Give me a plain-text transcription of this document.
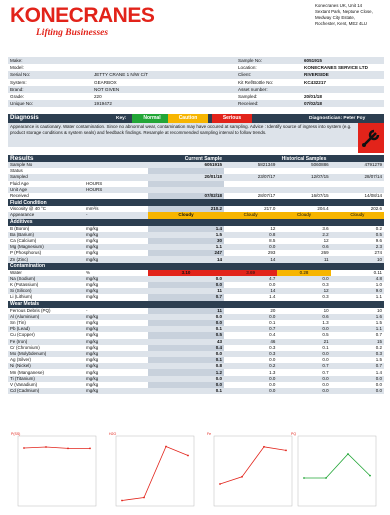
KONECRANES
Lifting Businesses
Konecranes UK, Unit 14
Sextant Park, Neptune Close,
Medway City Estate,
Rochester, Kent, ME2 4LU
Make:		Sample No:	6051915
Model:		Location:	KONECRANES SERVICE LTD
Serial No:	JETTY CRANE 1 N/W C/T	Client:	RIVERSIDE
System:	GEARBOX	Kit Ref/Bottle No:	KC432217
Brand:	NOT GIVEN	Asset number:	
Grade:	220	Sampled:	20/01/18
Unique No:	1919472	Received:	07/02/18
Diagnosis	Key:	Normal	Caution	Serious	Diagnostician: Peter Foy
Appearance is cautionary. Water contamination. Since no abnormal wear, contamination may have occured at sampling. Advice : Identify source of ingress into system (e.g. product storage conditions & system seals) and feedback findings. Resample at recommended sampling interval to follow trends.
Results		Current Sample	Historical Samples		
Sample No		6051915	5821349	5060886	4791279
Status					
Sampled		20/01/18	23/07/17	12/07/15	28/07/14
Fluid Age	HOURS				
Unit Age	HOURS				
Received		07/02/18	28/07/17	16/07/15	14/08/14
Fluid Condition					
Viscosity @ 40 °C	mm²/s	210.2	217.0	204.4	202.6
Appearance	-	Cloudy	Cloudy	Cloudy	Cloudy
Additives					
B (Boron)	mg/kg	1.4	12	3.6	0.2
Ba (Barium)	mg/kg	1.5	0.8	2.2	0.5
Ca (Calcium)	mg/kg	30	8.5	12	9.6
Mg (Magnesium)	mg/kg	1.1	0.0	0.6	2.3
P (Phosphorus)	mg/kg	247	293	269	274
Zn (Zinc)	mg/kg	14	14	11	10
Contamination					
Water	%	3.10	3.69	0.28	0.11
Na (Sodium)	mg/kg	0.0	4.7	0.0	4.8
K (Potassium)	mg/kg	0.0	0.0	0.3	1.0
Si (Silicon)	mg/kg	11	14	12	9.0
Li (Lithium)	mg/kg	0.7	1.4	0.3	1.1
Wear Metals					
Ferrous Debris (PQ)	-	11	20	10	10
Al (Aluminium)	mg/kg	0.0	0.0	0.6	1.6
Sn (Tin)	mg/kg	0.0	0.1	1.3	1.5
Pb (Lead)	mg/kg	0.1	0.7	0.0	1.1
Cu (Copper)	mg/kg	0.5	0.4	0.5	0.7
Fe (Iron)	mg/kg	43	46	21	15
Cr (Chromium)	mg/kg	0.4	0.3	0.1	0.2
Mo (Molybdenum)	mg/kg	0.0	0.3	0.0	0.3
Ag (Silver)	mg/kg	0.1	0.0	0.0	1.5
Ni (Nickel)	mg/kg	0.8	0.2	0.7	0.7
Mn (Manganese)	mg/kg	1.2	1.3	0.7	1.4
Ti (Titanium)	mg/kg	0.0	0.0	0.0	0.0
V (Vanadium)	mg/kg	0.0	0.0	0.0	0.0
Cd (Cadmium)	mg/kg	0.1	0.0	0.0	0.0
P(SS)	H2O	Fe	PQ
